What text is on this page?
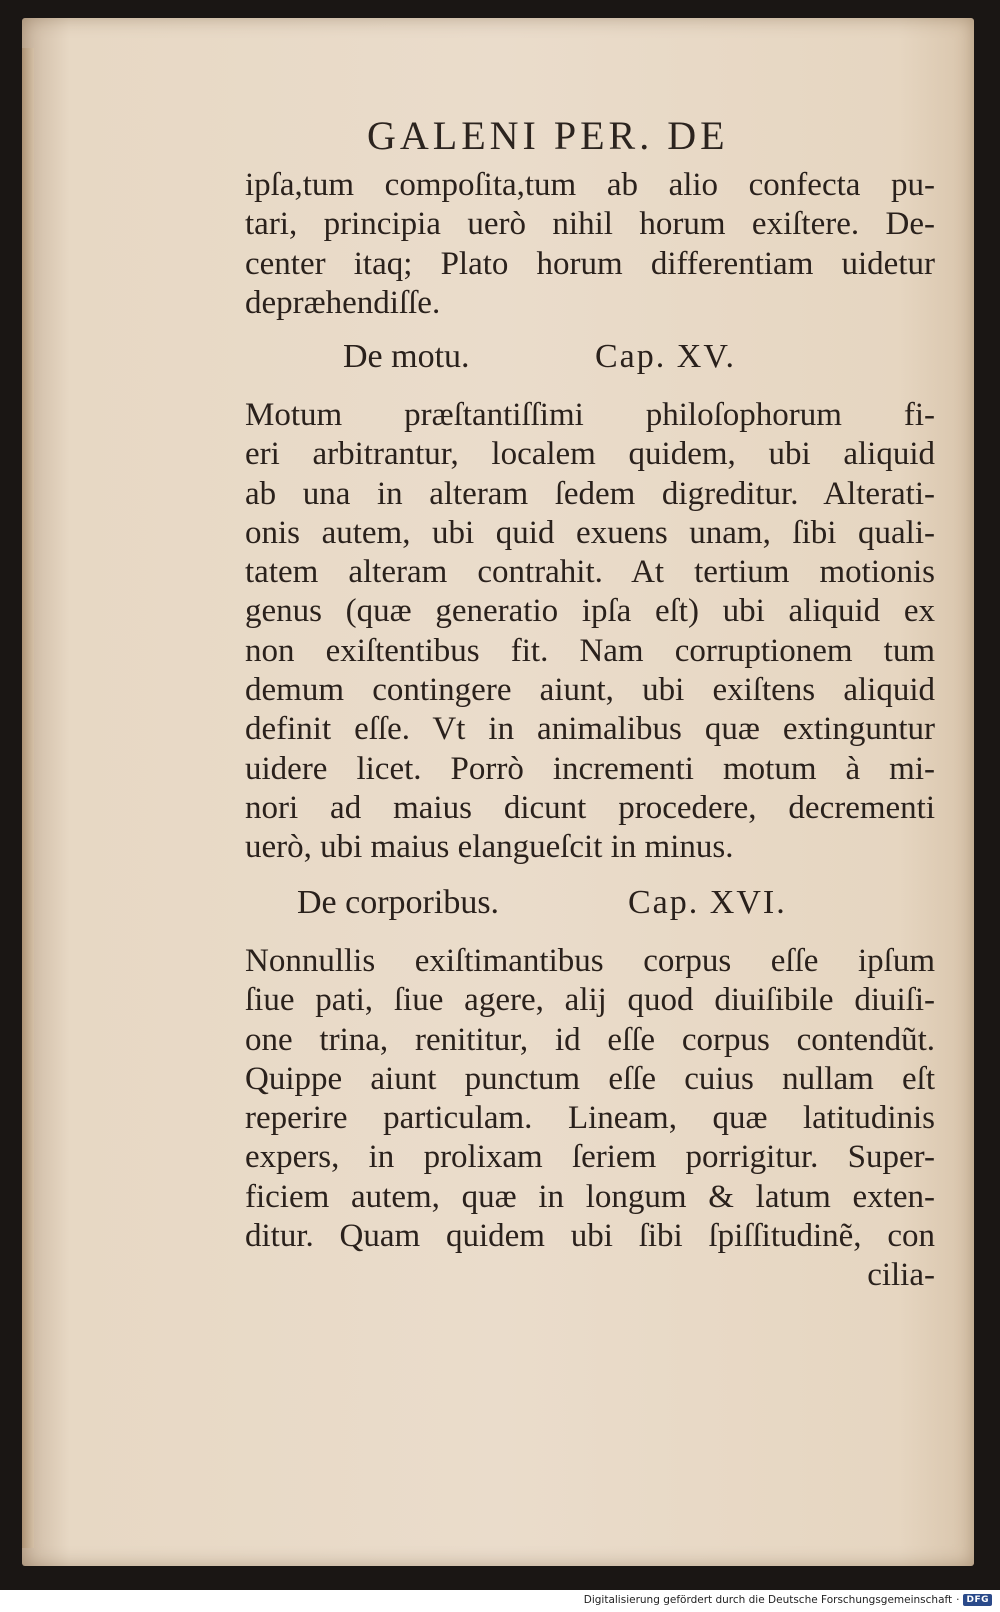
GALENI PER. DE
ipſa,tum compoſita,tum ab alio confecta pu-
tari, principia uerò nihil horum exiſtere. De-
center itaq; Plato horum differentiam uidetur
deprӕhendiſſe.
De motu.	Cap. XV.
Motum prӕſtantiſſimi philoſophorum fi-
eri arbitrantur, localem quidem, ubi aliquid
ab una in alteram ſedem digreditur. Alterati-
onis autem, ubi quid exuens unam, ſibi quali-
tatem alteram contrahit. At tertium motionis
genus (quӕ generatio ipſa eſt) ubi aliquid ex
non exiſtentibus fit. Nam corruptionem tum
demum contingere aiunt, ubi exiſtens aliquid
definit eſſe. Vt in animalibus quӕ extinguntur
uidere licet. Porrò incrementi motum à mi-
nori ad maius dicunt procedere, decrementi
uerò, ubi maius elangueſcit in minus.
De corporibus.	Cap. XVI.
Nonnullis exiſtimantibus corpus eſſe ipſum
ſiue pati, ſiue agere, alĳ quod diuiſibile diuiſi-
one trina, renititur, id eſſe corpus contendũt.
Quippe aiunt punctum eſſe cuius nullam eſt
reperire particulam. Lineam, quӕ latitudinis
expers, in prolixam ſeriem porrigitur. Super-
ficiem autem, quӕ in longum & latum exten-
ditur. Quam quidem ubi ſibi ſpiſſitudinẽ, con
cilia-
Digitalisierung gefördert durch die Deutsche Forschungsgemeinschaft · DFG
